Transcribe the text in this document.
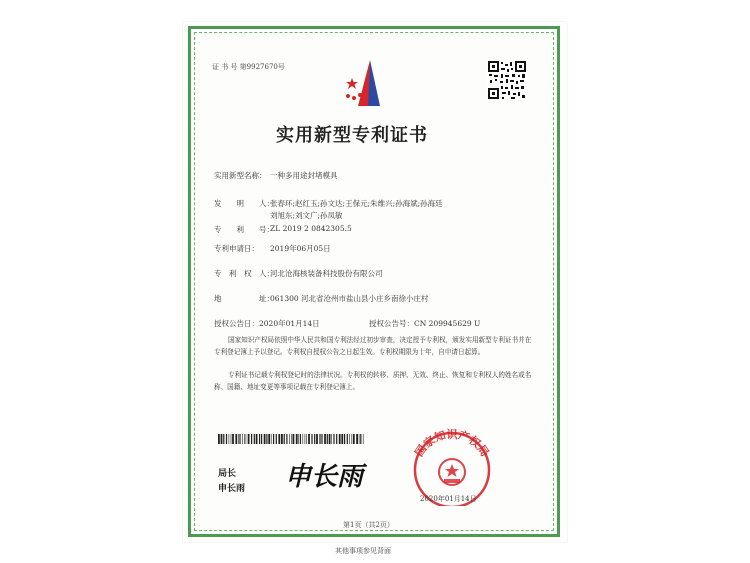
证 书 号 第9927670号
实用新型专利证书
实用新型名称： 一种多用途封堵模具
发　　明　　人：
张春环;赵红玉;孙文达;王保元;朱维兴;孙海斌;孙海廷
刘旭东;刘文广;孙凤敏
专　　利　　号：
ZL 2019 2 0842305.5
专利申请日： 2019年06月05日
专　利　权　人：
河北沧海核装备科技股份有限公司
地　　　　　址：
061300 河北省沧州市盐山县小庄乡南徐小庄村
授权公告日：2020年01月14日	授权公告号：CN 209945629 U
国家知识产权局依照中华人民共和国专利法经过初步审查，决定授予专利权，颁发实用新型专利证书并在专利登记簿上予以登记。专利权自授权公告之日起生效。专利权期限为十年，自申请日起算。
专利证书记载专利权登记时的法律状况。专利权的转移、质押、无效、终止、恢复和专利权人的姓名或名称、国籍、地址变更等事项记载在专利登记簿上。
局长
申长雨 申长雨
国家知识产权局
2020年01月14日
第1页（共2页）
其他事项参见背面
